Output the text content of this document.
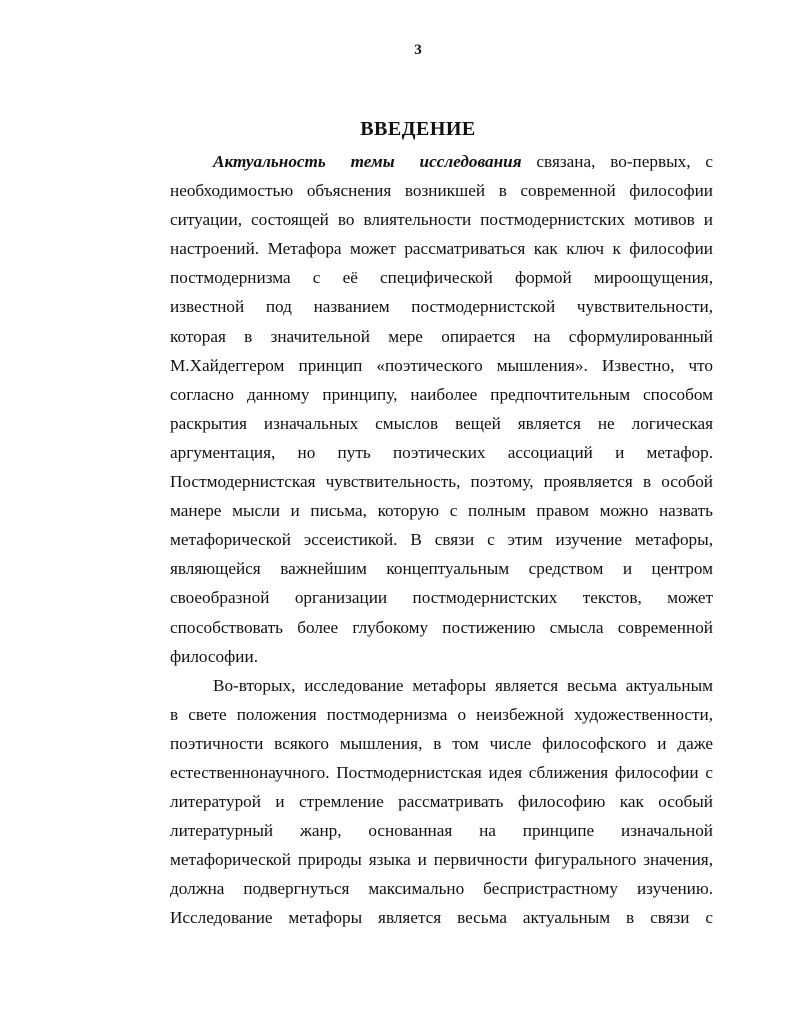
3
ВВЕДЕНИЕ
Актуальность темы исследования связана, во-первых, с
необходимостью объяснения возникшей в современной философии
ситуации, состоящей во влиятельности постмодернистских мотивов и
настроений. Метафора может рассматриваться как ключ к философии
постмодернизма с её специфической формой мироощущения,
известной под названием постмодернистской чувствительности,
которая в значительной мере опирается на сформулированный
М.Хайдеггером принцип «поэтического мышления». Известно, что
согласно данному принципу, наиболее предпочтительным способом
раскрытия изначальных смыслов вещей является не логическая
аргументация, но путь поэтических ассоциаций и метафор.
Постмодернистская чувствительность, поэтому, проявляется в особой
манере мысли и письма, которую с полным правом можно назвать
метафорической эссеистикой. В связи с этим изучение метафоры,
являющейся важнейшим концептуальным средством и центром
своеобразной организации постмодернистских текстов, может
способствовать более глубокому постижению смысла современной
философии.
Во-вторых, исследование метафоры является весьма актуальным
в свете положения постмодернизма о неизбежной художественности,
поэтичности всякого мышления, в том числе философского и даже
естественнонаучного. Постмодернистская идея сближения философии с
литературой и стремление рассматривать философию как особый
литературный жанр, основанная на принципе изначальной
метафорической природы языка и первичности фигурального значения,
должна подвергнуться максимально беспристрастному изучению.
Исследование метафоры является весьма актуальным в связи с
